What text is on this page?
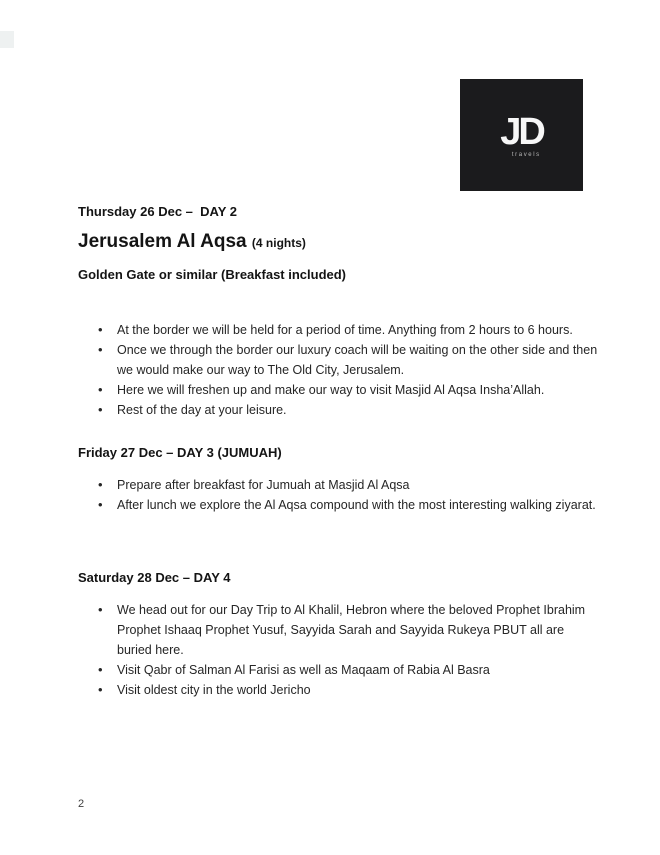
JD
travels
Thursday 26 Dec –  DAY 2
Jerusalem Al Aqsa (4 nights)
Golden Gate or similar (Breakfast included)
• At the border we will be held for a period of time. Anything from 2 hours to 6 hours.
• Once we through the border our luxury coach will be waiting on the other side and then we would make our way to The Old City, Jerusalem.
• Here we will freshen up and make our way to visit Masjid Al Aqsa Insha’Allah.
• Rest of the day at your leisure.
Friday 27 Dec – DAY 3 (JUMUAH)
• Prepare after breakfast for Jumuah at Masjid Al Aqsa
• After lunch we explore the Al Aqsa compound with the most interesting walking ziyarat.
Saturday 28 Dec – DAY 4
• We head out for our Day Trip to Al Khalil, Hebron where the beloved Prophet Ibrahim Prophet Ishaaq Prophet Yusuf, Sayyida Sarah and Sayyida Rukeya PBUT all are buried here.
• Visit Qabr of Salman Al Farisi as well as Maqaam of Rabia Al Basra
• Visit oldest city in the world Jericho
2
